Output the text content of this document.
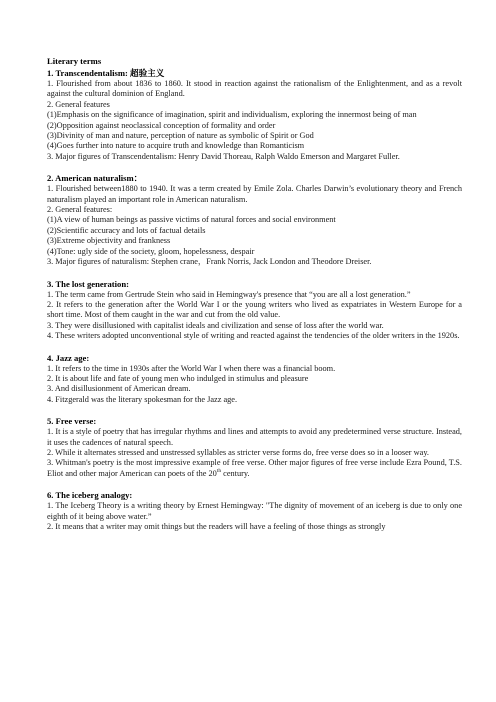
Literary terms
1. Transcendentalism: 超验主义
1. Flourished from about 1836 to 1860. It stood in reaction against the rationalism of the Enlightenment, and as a revolt against the cultural dominion of England.
2. General features
(1)Emphasis on the significance of imagination, spirit and individualism, exploring the innermost being of man
(2)Opposition against neoclassical conception of formality and order
(3)Divinity of man and nature, perception of nature as symbolic of Spirit or God
(4)Goes further into nature to acquire truth and knowledge than Romanticism
3. Major figures of Transcendentalism: Henry David Thoreau, Ralph Waldo Emerson and Margaret Fuller.
2. American naturalism：
1. Flourished between1880 to 1940. It was a term created by Emile Zola. Charles Darwin’s evolutionary theory and French naturalism played an important role in American naturalism.
2. General features:
(1)A view of human beings as passive victims of natural forces and social environment
(2)Scientific accuracy and lots of factual details
(3)Extreme objectivity and frankness
(4)Tone: ugly side of the society, gloom, hopelessness, despair
3. Major figures of naturalism: Stephen crane，Frank Norris, Jack London and Theodore Dreiser.
3. The lost generation:
1. The term came from Gertrude Stein who said in Hemingway's presence that “you are all a lost generation.”
2. It refers to the generation after the World War I or the young writers who lived as expatriates in Western Europe for a short time. Most of them caught in the war and cut from the old value.
3. They were disillusioned with capitalist ideals and civilization and sense of loss after the world war.
4. These writers adopted unconventional style of writing and reacted against the tendencies of the older writers in the 1920s.
4. Jazz age:
1. It refers to the time in 1930s after the World War I when there was a financial boom.
2. It is about life and fate of young men who indulged in stimulus and pleasure
3. And disillusionment of American dream.
4. Fitzgerald was the literary spokesman for the Jazz age.
5. Free verse:
1. It is a style of poetry that has irregular rhythms and lines and attempts to avoid any predetermined verse structure. Instead, it uses the cadences of natural speech.
2. While it alternates stressed and unstressed syllables as stricter verse forms do, free verse does so in a looser way.
3. Whitman's poetry is the most impressive example of free verse. Other major figures of free verse include Ezra Pound, T.S. Eliot and other major American can poets of the 20th century.
6. The iceberg analogy:
1. The Iceberg Theory is a writing theory by Ernest Hemingway: "The dignity of movement of an iceberg is due to only one eighth of it being above water.”
2. It means that a writer may omit things but the readers will have a feeling of those things as strongly
